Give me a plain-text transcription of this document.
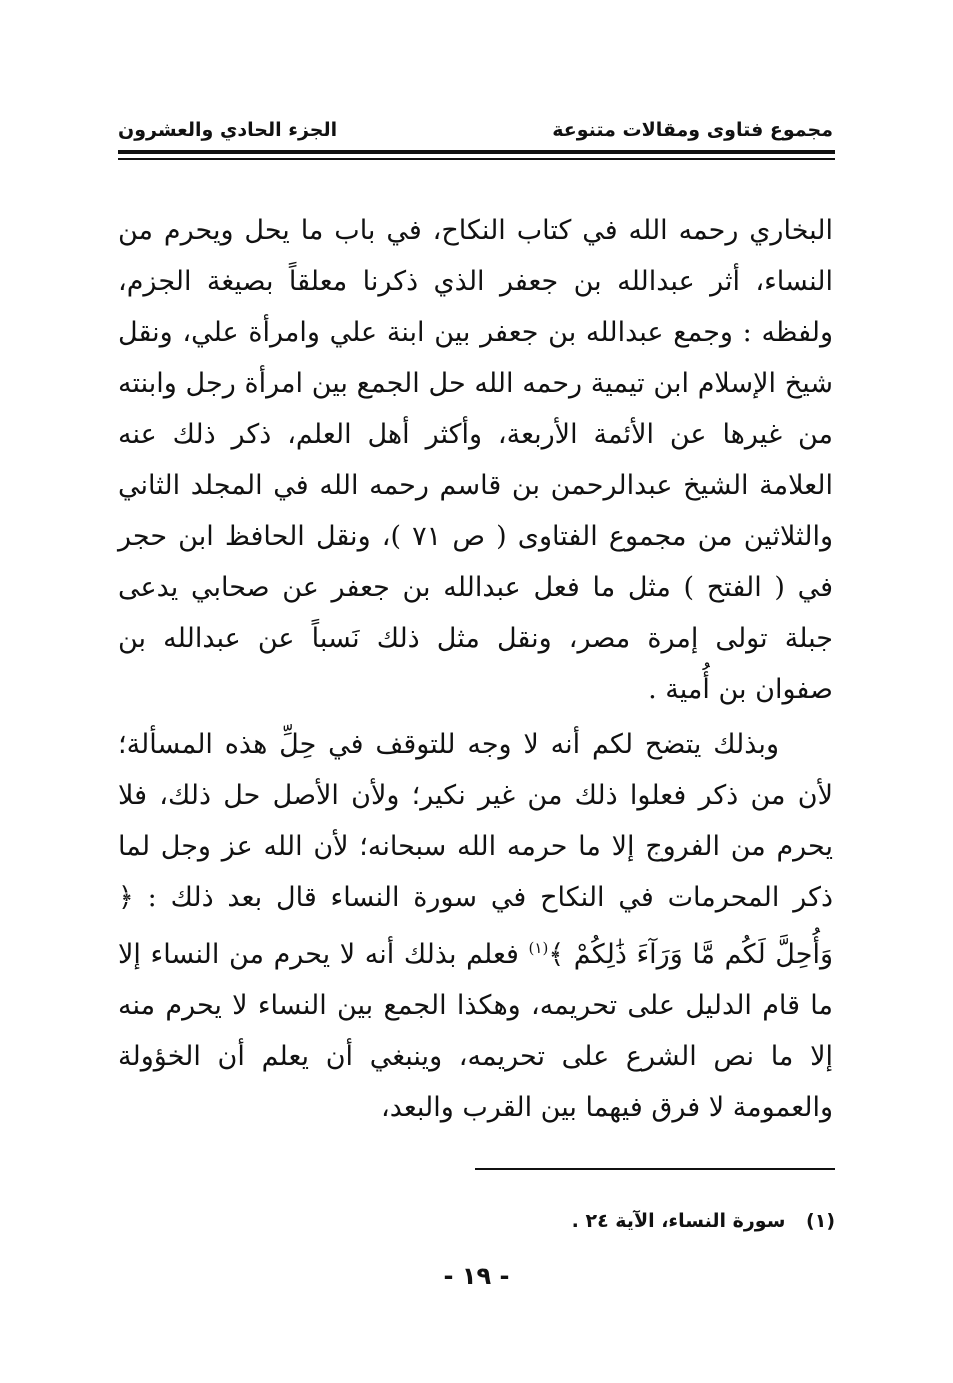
مجموع فتاوى ومقالات متنوعة
الجزء الحادي والعشرون

البخاري رحمه الله في كتاب النكاح، في باب ما يحل ويحرم من النساء، أثر عبدالله بن جعفر الذي ذكرنا معلقاً بصيغة الجزم، ولفظه : وجمع عبدالله بن جعفر بين ابنة علي وامرأة علي، ونقل شيخ الإسلام ابن تيمية رحمه الله حل الجمع بين امرأة رجل وابنته من غيرها عن الأئمة الأربعة، وأكثر أهل العلم، ذكر ذلك عنه العلامة الشيخ عبدالرحمن بن قاسم رحمه الله في المجلد الثاني والثلاثين من مجموع الفتاوى ( ص ٧١ )، ونقل الحافظ ابن حجر في ( الفتح ) مثل ما فعل عبدالله بن جعفر عن صحابي يدعى جبلة تولى إمرة مصر، ونقل مثل ذلك نَسباً عن عبدالله بن صفوان بن أُمية .

وبذلك يتضح لكم أنه لا وجه للتوقف في حِلِّ هذه المسألة؛ لأن من ذكر فعلوا ذلك من غير نكير؛ ولأن الأصل حل ذلك، فلا يحرم من الفروج إلا ما حرمه الله سبحانه؛ لأن الله عز وجل لما ذكر المحرمات في النكاح في سورة النساء قال بعد ذلك : ﴿ وَأُحِلَّ لَكُم مَّا وَرَآءَ ذَٰلِكُمْ ﴾$^{(١)}$ فعلم بذلك أنه لا يحرم من النساء إلا ما قام الدليل على تحريمه، وهكذا الجمع بين النساء لا يحرم منه إلا ما نص الشرع على تحريمه، وينبغي أن يعلم أن الخؤولة والعمومة لا فرق فيهما بين القرب والبعد،

(١) سورة النساء، الآية ٢٤ .
- ١٩ -
